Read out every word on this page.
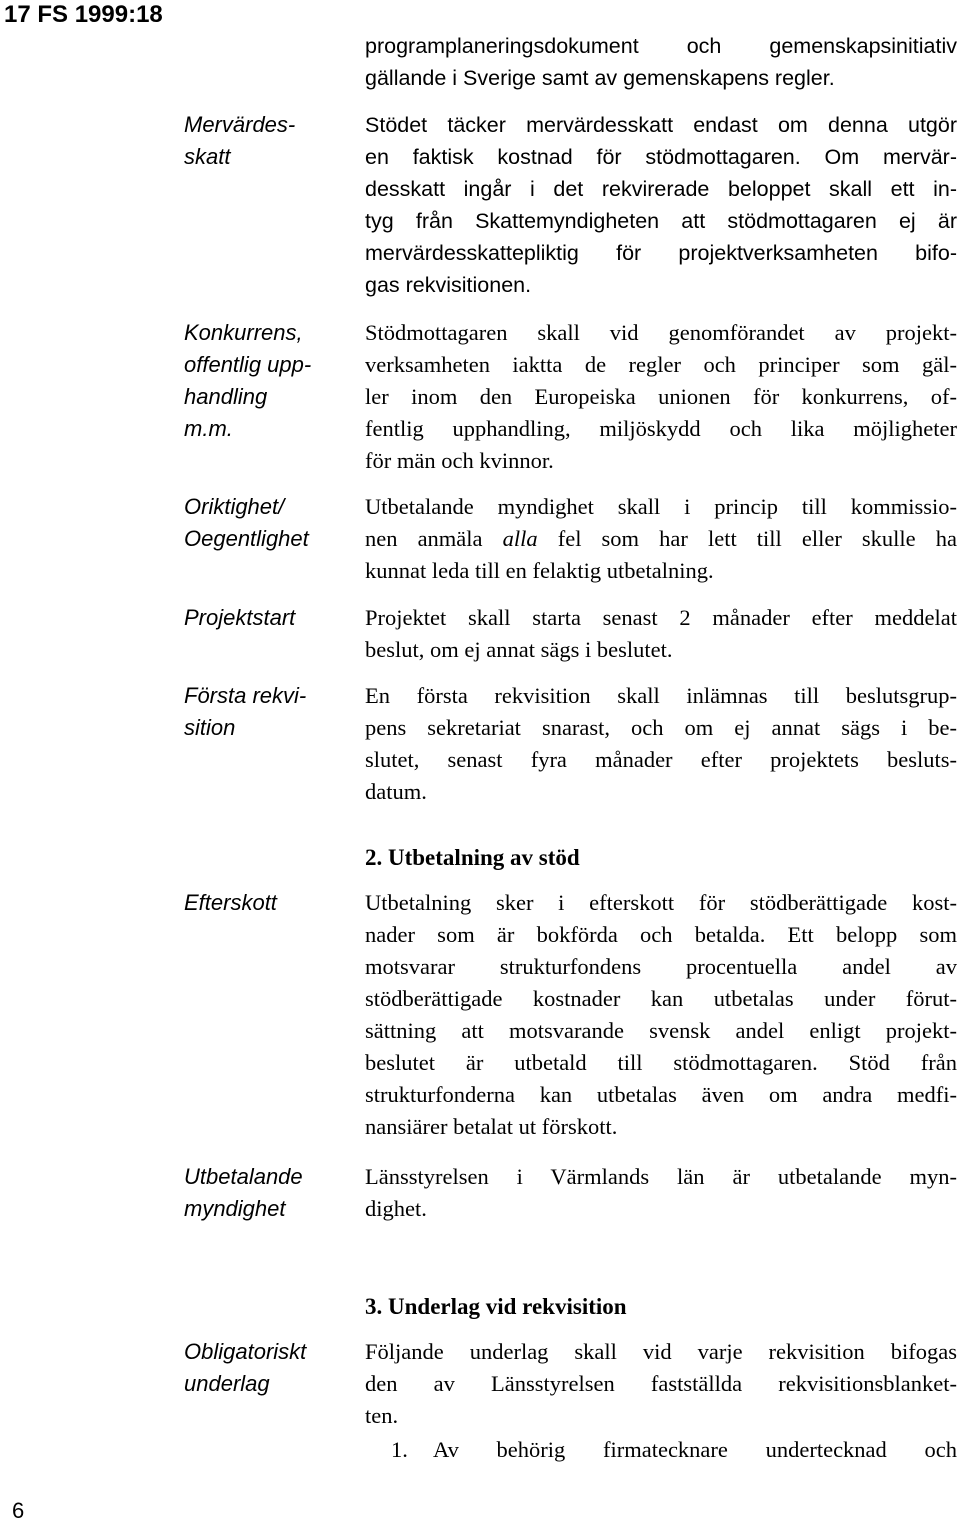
17 FS 1999:18
6
Mervärdes-
skatt
Konkurrens,
offentlig upp-
handling
m.m.
Oriktighet/
Oegentlighet
Projektstart
Första rekvi-
sition
Efterskott
Utbetalande
myndighet
Obligatoriskt
underlag
programplaneringsdokument och gemenskapsinitiativ
gällande i Sverige samt av gemenskapens regler.
Stödet täcker mervärdesskatt endast om denna utgör
en faktisk kostnad för stödmottagaren. Om mervär-
desskatt ingår i det rekvirerade beloppet skall ett in-
tyg från Skattemyndigheten att stödmottagaren ej är
mervärdesskattepliktig för projektverksamheten bifo-
gas rekvisitionen.
Stödmottagaren skall vid genomförandet av projekt-
verksamheten iaktta de regler och principer som gäl-
ler inom den Europeiska unionen för konkurrens, of-
fentlig upphandling, miljöskydd och lika möjligheter
för män och kvinnor.
Utbetalande myndighet skall i princip till kommissio-
nen anmäla alla fel som har lett till eller skulle ha
kunnat leda till en felaktig utbetalning.
Projektet skall starta senast 2 månader efter meddelat
beslut, om ej annat sägs i beslutet.
En första rekvisition skall inlämnas till beslutsgrup-
pens sekretariat snarast, och om ej annat sägs i be-
slutet, senast fyra månader efter projektets besluts-
datum.
2. Utbetalning av stöd
Utbetalning sker i efterskott för stödberättigade kost-
nader som är bokförda och betalda. Ett belopp som
motsvarar strukturfondens procentuella andel av
stödberättigade kostnader kan utbetalas under förut-
sättning att motsvarande svensk andel enligt projekt-
beslutet är utbetald till stödmottagaren. Stöd från
strukturfonderna kan utbetalas även om andra medfi-
nansiärer betalat ut förskott.
Länsstyrelsen i Värmlands län är utbetalande myn-
dighet.
3. Underlag vid rekvisition
Följande underlag skall vid varje rekvisition bifogas
den av Länsstyrelsen fastställda rekvisitionsblanket-
ten.
1. Av behörig firmatecknare undertecknad och
